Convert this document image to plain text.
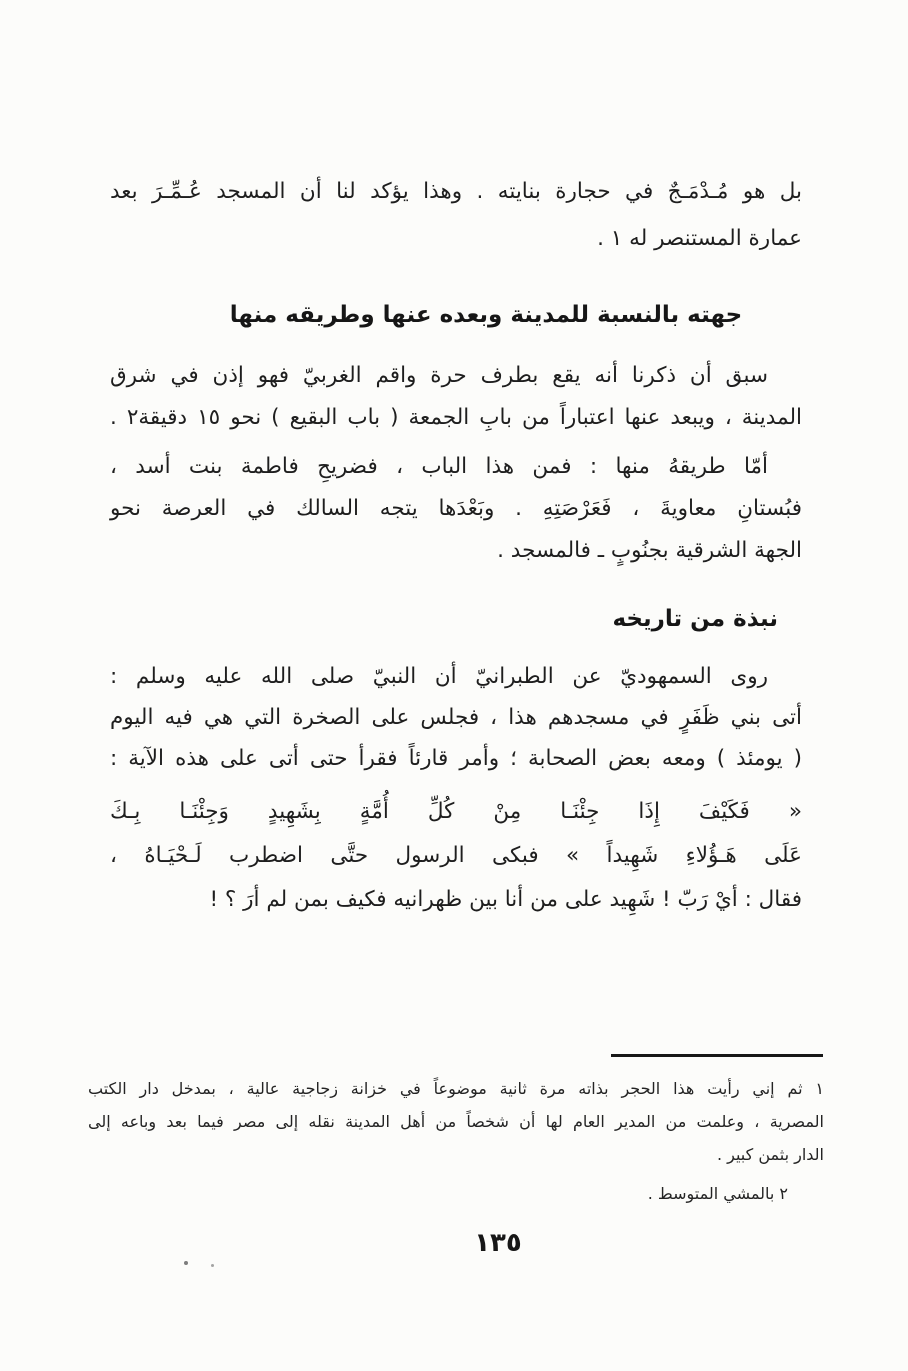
بل هو مُـدْمَـجٌ في حجارة بنايته . وهذا يؤكد لنا أن المسجد عُـمِّـرَ بعد
عمارة المستنصر له ١ .
جهته بالنسبة للمدينة وبعده عنها وطريقه منها
سبق أن ذكرنا أنه يقع بطرف حرة واقم الغربيّ فهو إذن في شرق
المدينة ، ويبعد عنها اعتباراً من بابِ الجمعة ( باب البقيع ) نحو ١٥ دقيقة٢ .
أمّا طريقهُ منها : فمن هذا الباب ، فضريحِ فاطمة بنت أسد ،
فبُستانِ معاويةَ ، فَعَرْصَتِهِ . وبَعْدَها يتجه السالك في العرصة نحو
الجهة الشرقية بجنُوبٍ ـ فالمسجد .
نبذة من تاريخه
روى السمهوديّ عن الطبرانيّ أن النبيّ صلى الله عليه وسلم :
أتى بني ظَفَرٍ في مسجدهم هذا ، فجلس على الصخرة التي هي فيه اليوم
( يومئذ ) ومعه بعض الصحابة ؛ وأمر قارئاً فقرأ حتى أتى على هذه الآية :
« فَكَيْفَ إِذَا جِئْنَـا مِنْ كُلِّ أُمَّةٍ بِشَهِيدٍ وَجِئْنَـا بِـكَ
عَلَى هَـؤُلاءِ شَهِيداً » فبكى الرسول حتَّى اضطرب لَـحْيَـاهُ ،
فقال : أيْ رَبّ ! شَهِيد على من أنا بين ظهرانيه فكيف بمن لم أرَ ؟ !
١ ثم إني رأيت هذا الحجر بذاته مرة ثانية موضوعاً في خزانة زجاجية عالية ، بمدخل دار الكتب
المصرية ، وعلمت من المدير العام لها أن شخصاً من أهل المدينة نقله إلى مصر فيما بعد وباعه إلى
الدار بثمن كبير .
٢ بالمشي المتوسط .
١٣٥
